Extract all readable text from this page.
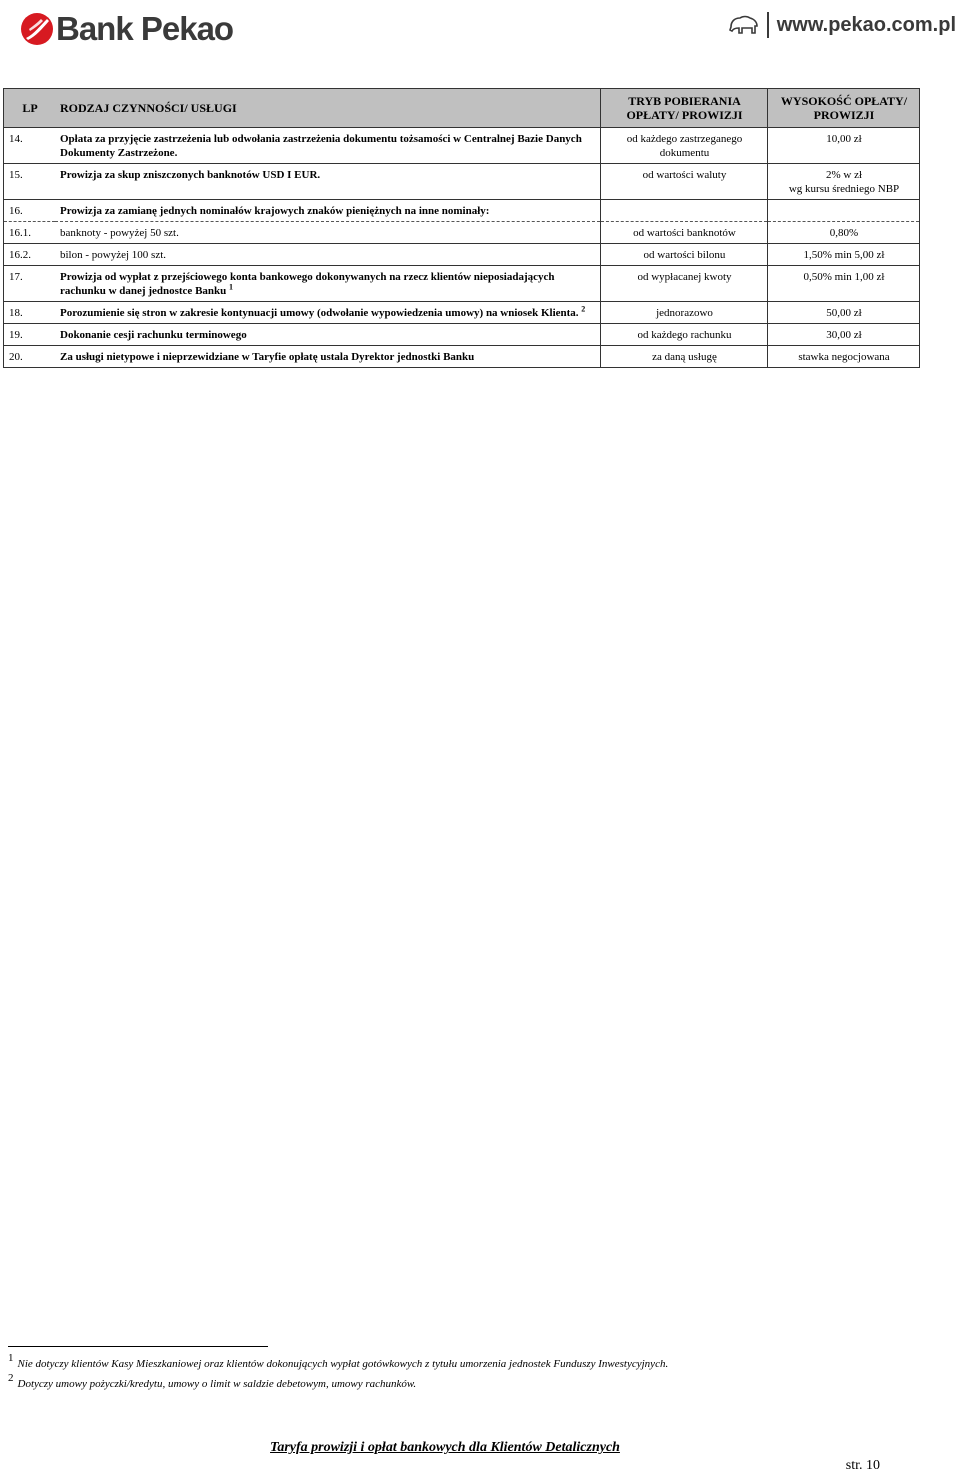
Bank Pekao	www.pekao.com.pl
LP	RODZAJ CZYNNOŚCI/ USŁUGI	TRYB POBIERANIA OPŁATY/ PROWIZJI	WYSOKOŚĆ OPŁATY/ PROWIZJI
14.	Opłata za przyjęcie zastrzeżenia lub odwołania zastrzeżenia dokumentu tożsamości w Centralnej Bazie Danych Dokumenty Zastrzeżone.	od każdego zastrzeganego dokumentu	10,00 zł
15.	Prowizja za skup zniszczonych banknotów USD I EUR.	od wartości waluty	2% w zł
wg kursu średniego NBP

16.	Prowizja za zamianę jednych nominałów krajowych znaków pieniężnych na inne nominały:		
16.1.	banknoty - powyżej 50 szt.	od wartości banknotów	0,80%
16.2.	bilon - powyżej 100 szt.	od wartości bilonu	1,50% min 5,00 zł
17.	Prowizja od wypłat z przejściowego konta bankowego dokonywanych na rzecz klientów nieposiadających rachunku w danej jednostce Banku $^1$	od wypłacanej kwoty	0,50% min 1,00 zł
18.	Porozumienie się stron w zakresie kontynuacji umowy (odwołanie wypowiedzenia umowy) na wniosek Klienta. $^2$	jednorazowo	50,00 zł
19.	Dokonanie cesji rachunku terminowego	od każdego rachunku	30,00 zł
20.	Za usługi nietypowe i nieprzewidziane w Taryfie opłatę ustala Dyrektor jednostki Banku	za daną usługę	stawka negocjowana
1 Nie dotyczy klientów Kasy Mieszkaniowej oraz klientów dokonujących wypłat gotówkowych z tytułu umorzenia jednostek Funduszy Inwestycyjnych.
2 Dotyczy umowy pożyczki/kredytu, umowy o limit w saldzie debetowym, umowy rachunków.
Taryfa prowizji i opłat bankowych dla Klientów Detalicznych
str. 10
